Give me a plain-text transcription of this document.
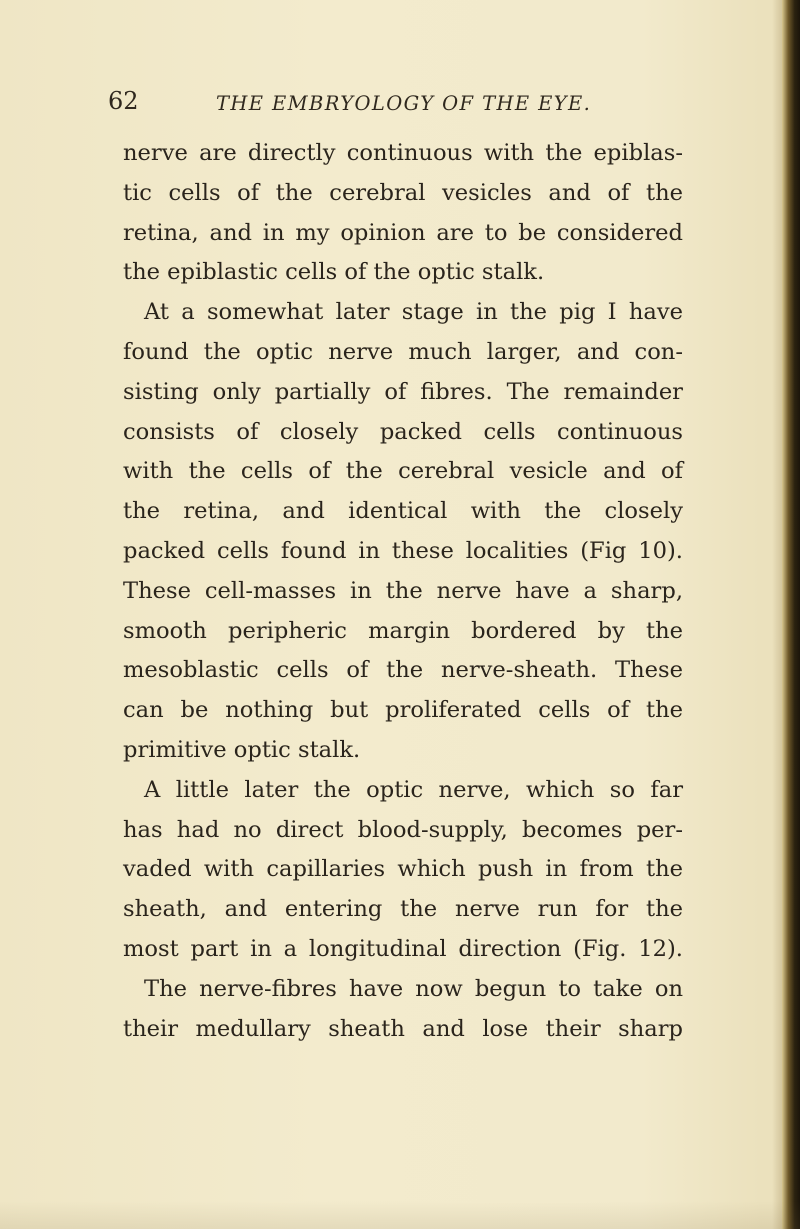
62	THE EMBRYOLOGY OF THE EYE.
nerve are directly continuous with the epiblas-
tic cells of the cerebral vesicles and of the
retina, and in my opinion are to be considered
the epiblastic cells of the optic stalk.
At a somewhat later stage in the pig I have
found the optic nerve much larger, and con-
sisting only partially of fibres. The remainder
consists of closely packed cells continuous
with the cells of the cerebral vesicle and of
the retina, and identical with the closely
packed cells found in these localities (Fig 10).
These cell-masses in the nerve have a sharp,
smooth peripheric margin bordered by the
mesoblastic cells of the nerve-sheath. These
can be nothing but proliferated cells of the
primitive optic stalk.
A little later the optic nerve, which so far
has had no direct blood-supply, becomes per-
vaded with capillaries which push in from the
sheath, and entering the nerve run for the
most part in a longitudinal direction (Fig. 12).
The nerve-fibres have now begun to take on
their medullary sheath and lose their sharp
